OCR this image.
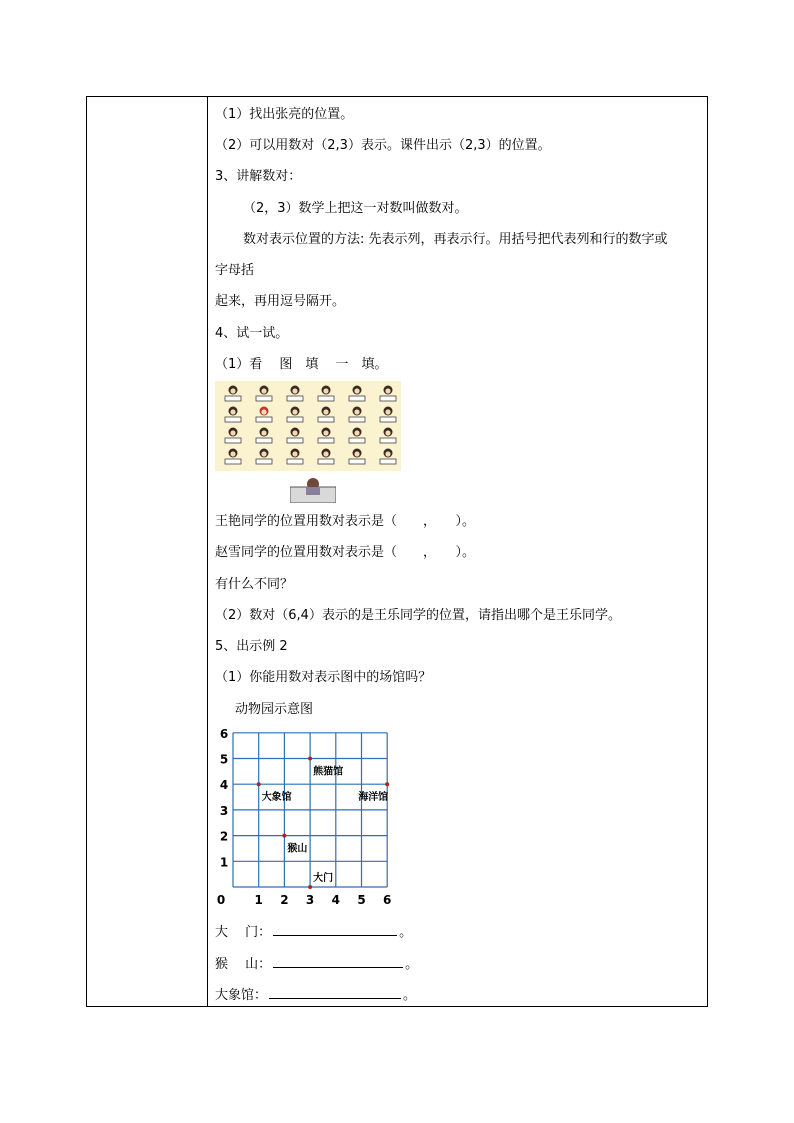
（1）找出张亮的位置。
（2）可以用数对（2,3）表示。课件出示（2,3）的位置。
3、讲解数对：
（2，3）数学上把这一对数叫做数对。
数对表示位置的方法: 先表示列，再表示行。用括号把代表列和行的数字或
字母括
起来，再用逗号隔开。
4、试一试。
（1）看　 图　填　 一　填。
王艳同学的位置用数对表示是（　　，　　）。
赵雪同学的位置用数对表示是（　　，　　）。
有什么不同？
（2）数对（6,4）表示的是王乐同学的位置，请指出哪个是王乐同学。
5、出示例 2
（1）你能用数对表示图中的场馆吗？
动物园示意图
0 1 2 3 4 5 6
1
2
3
4
5
6
熊猫馆
大象馆	海洋馆
猴山
大门
大　 门：	。
猴　 山：	。
大象馆：	。
